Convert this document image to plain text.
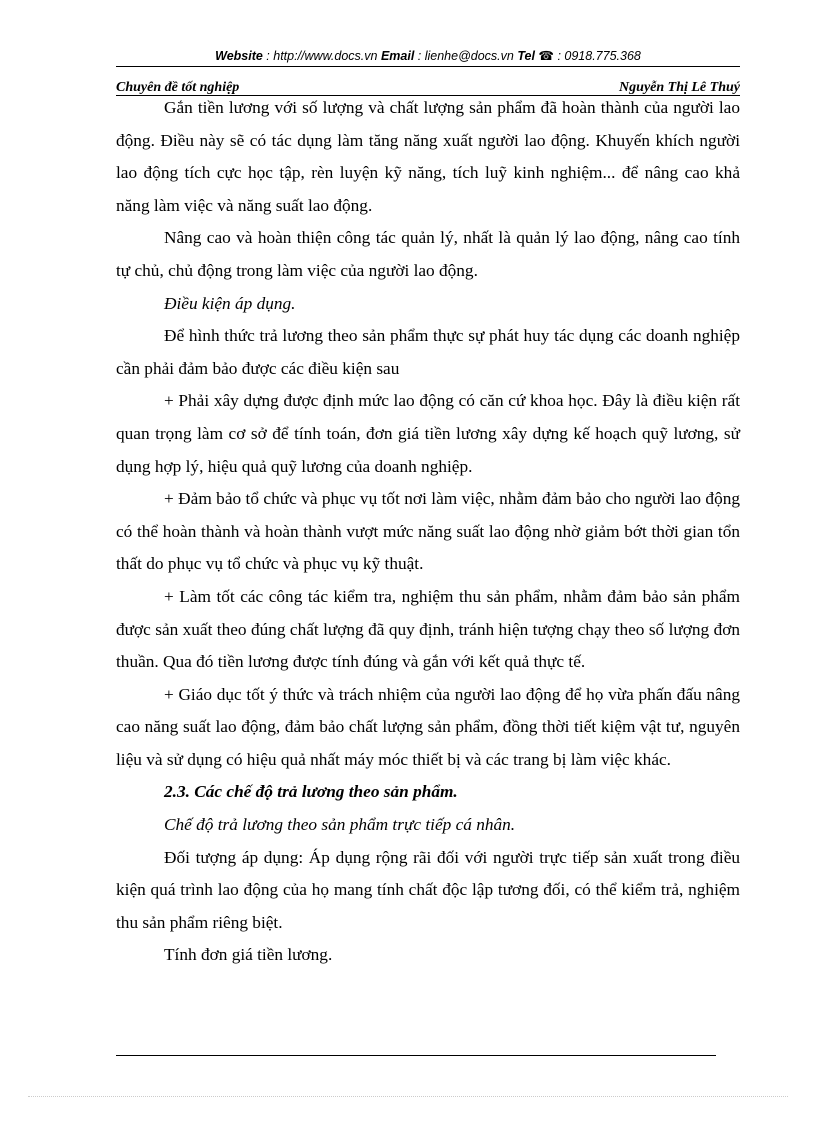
Website : http://www.docs.vn Email : lienhe@docs.vn Tel ☎ : 0918.775.368
Chuyên đề tốt nghiệp	Nguyễn Thị Lê Thuý

Gắn tiền lương với số lượng và chất lượng sản phẩm đã hoàn thành của người lao động. Điều này sẽ có tác dụng làm tăng năng xuất người lao động. Khuyến khích người lao động tích cực học tập, rèn luyện kỹ năng, tích luỹ kinh nghiệm... để nâng cao khả năng làm việc và năng suất lao động.

Nâng cao và hoàn thiện công tác quản lý, nhất là quản lý lao động, nâng cao tính tự chủ, chủ động trong làm việc của người lao động.

Điều kiện áp dụng.

Để hình thức trả lương theo sản phẩm thực sự phát huy tác dụng các doanh nghiệp cần phải đảm bảo được các điều kiện sau

+ Phải xây dựng được định mức lao động có căn cứ khoa học. Đây là điều kiện rất quan trọng làm cơ sở để tính toán, đơn giá tiền lương xây dựng kế hoạch quỹ lương, sử dụng hợp lý, hiệu quả quỹ lương của doanh nghiệp.

+ Đảm bảo tổ chức và phục vụ tốt nơi làm việc, nhằm đảm bảo cho người lao động có thể hoàn thành và hoàn thành vượt mức năng suất lao động nhờ giảm bớt thời gian tổn thất do phục vụ tổ chức và phục vụ kỹ thuật.

+ Làm tốt các công tác kiểm tra, nghiệm thu sản phẩm, nhằm đảm bảo sản phẩm được sản xuất theo đúng chất lượng đã quy định, tránh hiện tượng chạy theo số lượng đơn thuần. Qua đó tiền lương được tính đúng và gắn với kết quả thực tế.

+ Giáo dục tốt ý thức và trách nhiệm của người lao động để họ vừa phấn đấu nâng cao năng suất lao động, đảm bảo chất lượng sản phẩm, đồng thời tiết kiệm vật tư, nguyên liệu và sử dụng có hiệu quả nhất máy móc thiết bị và các trang bị làm việc khác.

2.3. Các chế độ trả lương theo sản phẩm.

Chế độ trả lương theo sản phẩm trực tiếp cá nhân.

Đối tượng áp dụng: Áp dụng rộng rãi đối với người trực tiếp sản xuất trong điều kiện quá trình lao động của họ mang tính chất độc lập tương đối, có thể kiểm trả, nghiệm thu sản phẩm riêng biệt.

Tính đơn giá tiền lương.
